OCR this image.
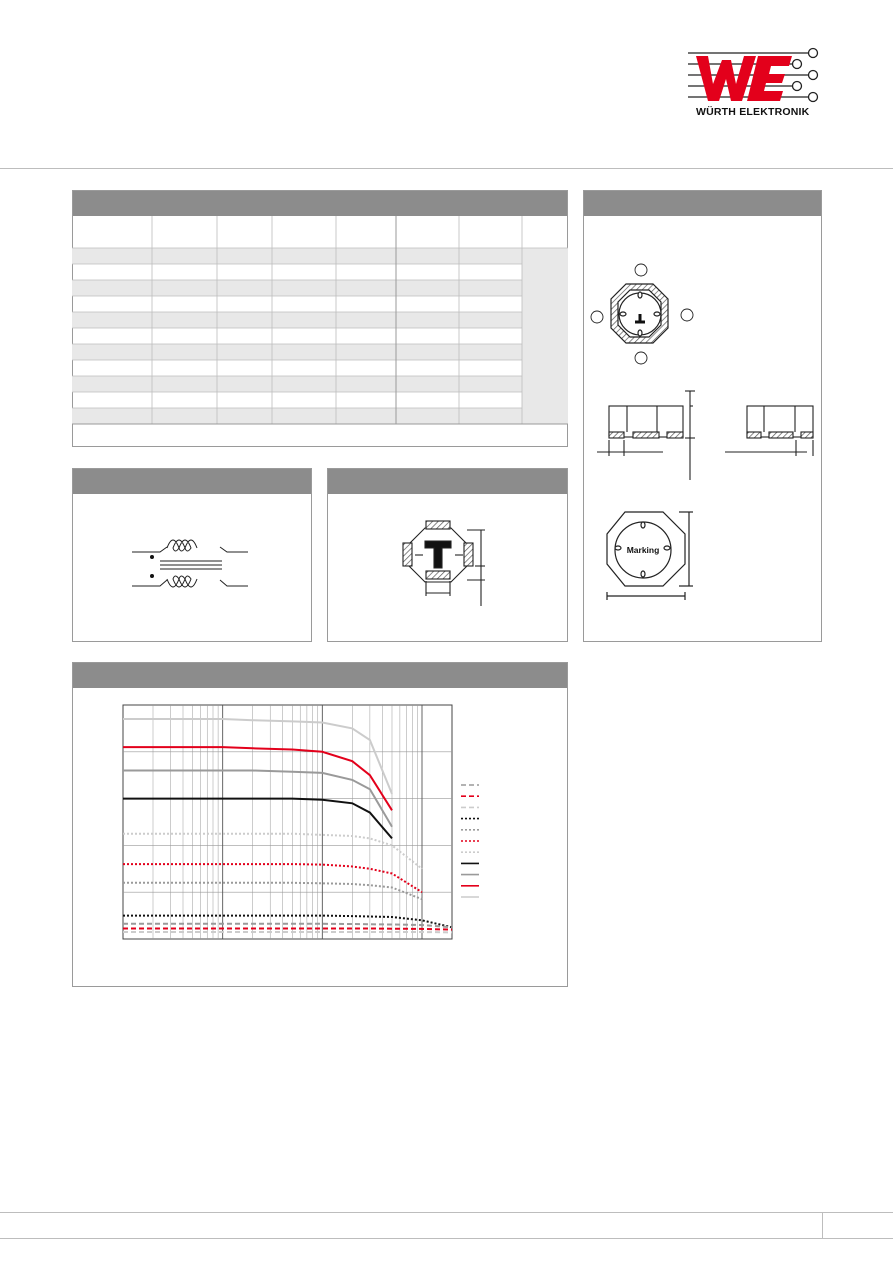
WÜRTH ELEKTRONIK
Marking
